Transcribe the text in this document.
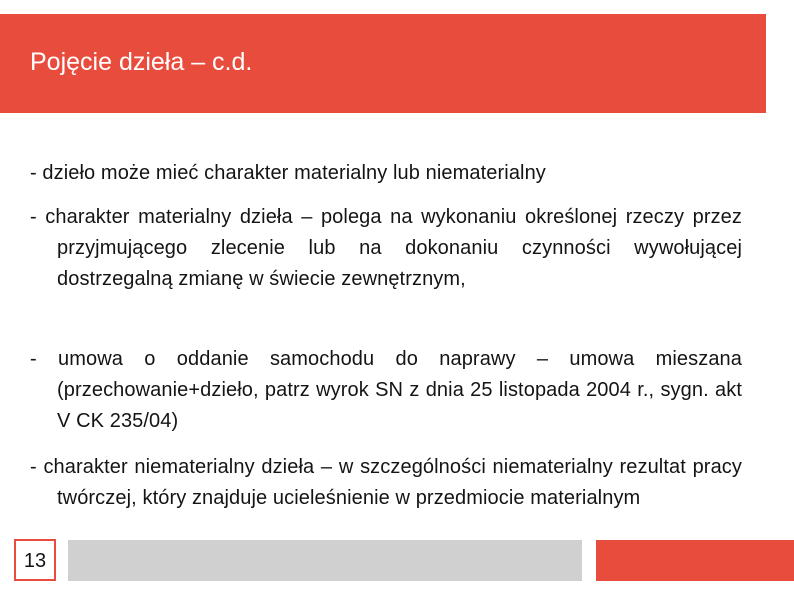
Pojęcie dzieła – c.d.
- dzieło może mieć charakter materialny lub niematerialny
- charakter materialny dzieła – polega na wykonaniu określonej rzeczy przez przyjmującego zlecenie lub na dokonaniu czynności wywołującej dostrzegalną zmianę w świecie zewnętrznym,
- umowa o oddanie samochodu do naprawy – umowa mieszana (przechowanie+dzieło, patrz wyrok SN z dnia 25 listopada 2004 r., sygn. akt V CK 235/04)
- charakter niematerialny dzieła – w szczególności niematerialny rezultat pracy twórczej, który znajduje ucieleśnienie w przedmiocie materialnym
13
